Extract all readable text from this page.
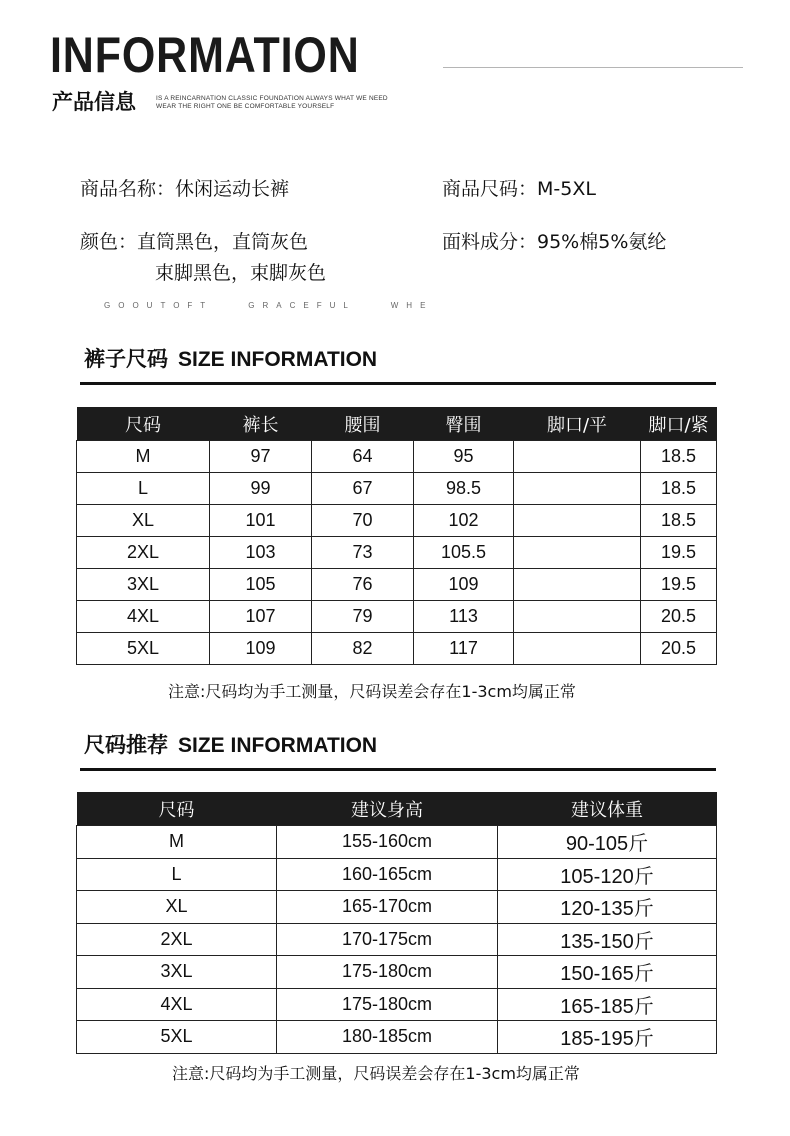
INFORMATION
产品信息	IS A REINCARNATION CLASSIC FOUNDATION ALWAYS WHAT WE NEED
WEAR THE RIGHT ONE BE COMFORTABLE YOURSELF
商品名称：休闲运动长裤	商品尺码：M-5XL
颜色：直筒黑色，直筒灰色	面料成分：95%棉5%氨纶
束脚黑色，束脚灰色
GOOUTOFT GRACEFUL WHE
裤子尺码 SIZE INFORMATION
尺码	裤长	腰围	臀围	脚口/平	脚口/紧
M	97	64	95		18.5
L	99	67	98.5		18.5
XL	101	70	102		18.5
2XL	103	73	105.5		19.5
3XL	105	76	109		19.5
4XL	107	79	113		20.5
5XL	109	82	117		20.5
注意:尺码均为手工测量，尺码误差会存在1-3cm均属正常
尺码推荐 SIZE INFORMATION
尺码	建议身高	建议体重
M	155-160cm	90-105斤
L	160-165cm	105-120斤
XL	165-170cm	120-135斤
2XL	170-175cm	135-150斤
3XL	175-180cm	150-165斤
4XL	175-180cm	165-185斤
5XL	180-185cm	185-195斤
注意:尺码均为手工测量，尺码误差会存在1-3cm均属正常
